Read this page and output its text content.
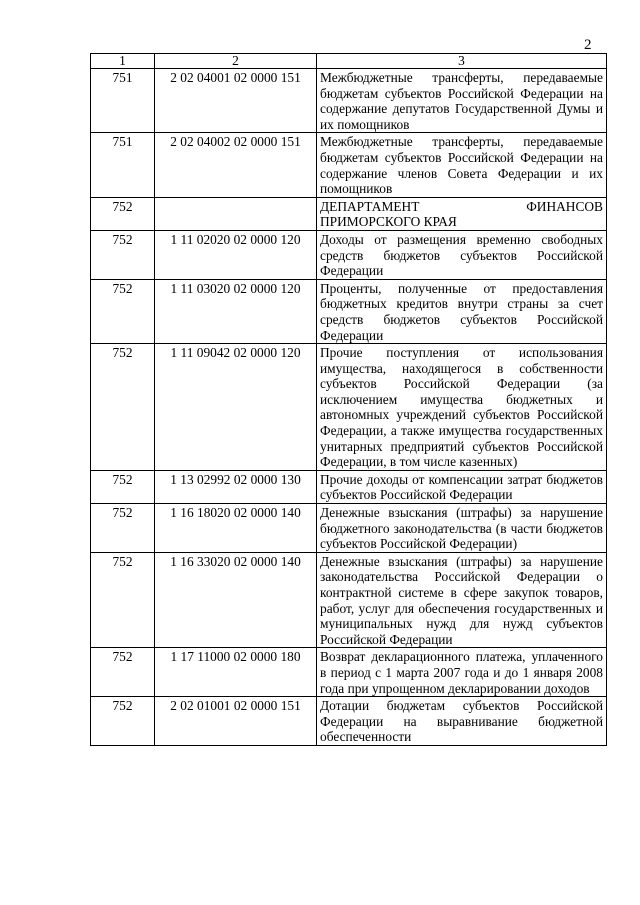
2
1	2	3
751	2 02 04001 02 0000 151	Межбюджетные трансферты, передаваемые бюджетам субъектов Российской Федерации на содержание депутатов Государственной Думы и их помощников
751	2 02 04002 02 0000 151	Межбюджетные трансферты, передаваемые бюджетам субъектов Российской Федерации на содержание членов Совета Федерации и их помощников
752		ДЕПАРТАМЕНТ ФИНАНСОВ ПРИМОРСКОГО КРАЯ
752	1 11 02020 02 0000 120	Доходы от размещения временно свободных средств бюджетов субъектов Российской Федерации
752	1 11 03020 02 0000 120	Проценты, полученные от предоставления бюджетных кредитов внутри страны за счет средств бюджетов субъектов Российской Федерации
752	1 11 09042 02 0000 120	Прочие поступления от использования имущества, находящегося в собственности субъектов Российской Федерации (за исключением имущества бюджетных и автономных учреждений субъектов Российской Федерации, а также имущества государственных унитарных предприятий субъектов Российской Федерации, в том числе казенных)
752	1 13 02992 02 0000 130	Прочие доходы от компенсации затрат бюджетов субъектов Российской Федерации
752	1 16 18020 02 0000 140	Денежные взыскания (штрафы) за нарушение бюджетного законодательства (в части бюджетов субъектов Российской Федерации)
752	1 16 33020 02 0000 140	Денежные взыскания (штрафы) за нарушение законодательства Российской Федерации о контрактной системе в сфере закупок товаров, работ, услуг для обеспечения государственных и муниципальных нужд для нужд субъектов Российской Федерации
752	1 17 11000 02 0000 180	Возврат декларационного платежа, уплаченного в период с 1 марта 2007 года и до 1 января 2008 года при упрощенном декларировании доходов
752	2 02 01001 02 0000 151	Дотации бюджетам субъектов Российской Федерации на выравнивание бюджетной обеспеченности
